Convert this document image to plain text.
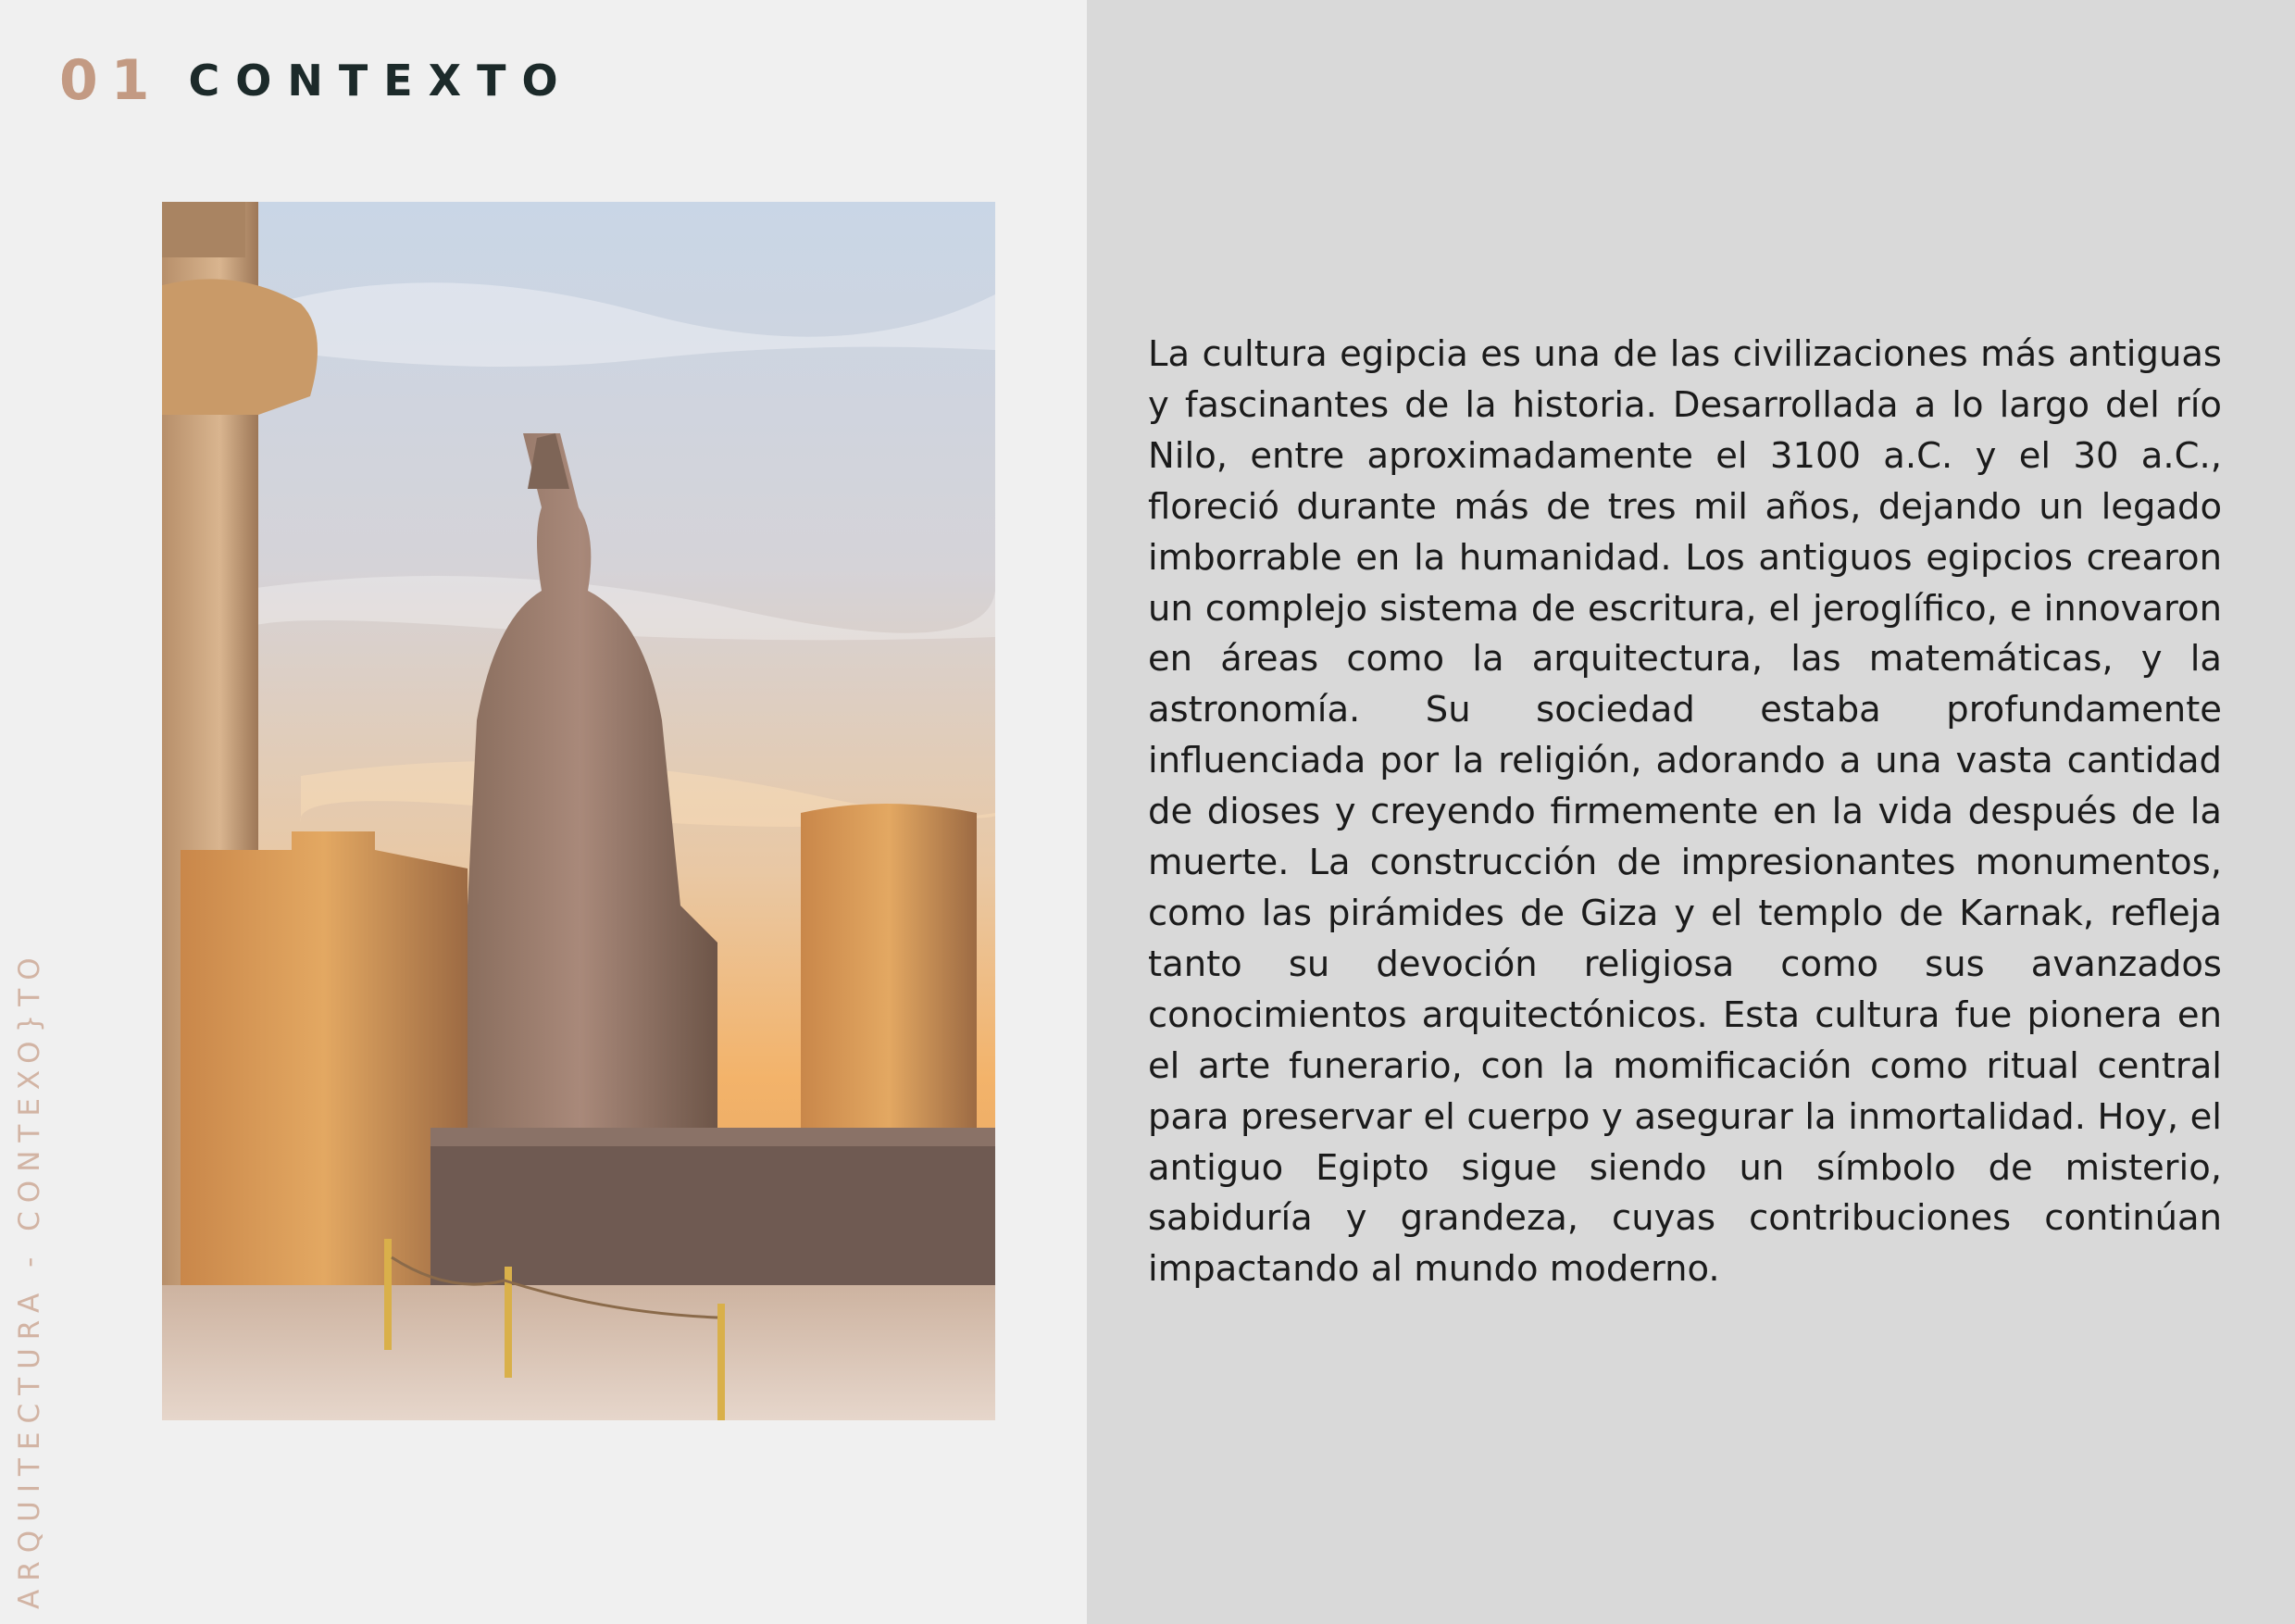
01 CONTEXTO
ARQUITECTURA - CONTEXO}TO

La cultura egipcia es una de las civilizaciones más antiguas y fascinantes de la historia. Desarrollada a lo largo del río Nilo, entre aproximadamente el 3100 a.C. y el 30 a.C., floreció durante más de tres mil años, dejando un legado imborrable en la humanidad. Los antiguos egipcios crearon un complejo sistema de escritura, el jeroglífico, e innovaron en áreas como la arquitectura, las matemáticas, y la astronomía. Su sociedad estaba profundamente influenciada por la religión, adorando a una vasta cantidad de dioses y creyendo firmemente en la vida después de la muerte. La construcción de impresionantes monumentos, como las pirámides de Giza y el templo de Karnak, refleja tanto su devoción religiosa como sus avanzados conocimientos arquitectónicos. Esta cultura fue pionera en el arte funerario, con la momificación como ritual central para preservar el cuerpo y asegurar la inmortalidad. Hoy, el antiguo Egipto sigue siendo un símbolo de misterio, sabiduría y grandeza, cuyas contribuciones continúan impactando al mundo moderno.
